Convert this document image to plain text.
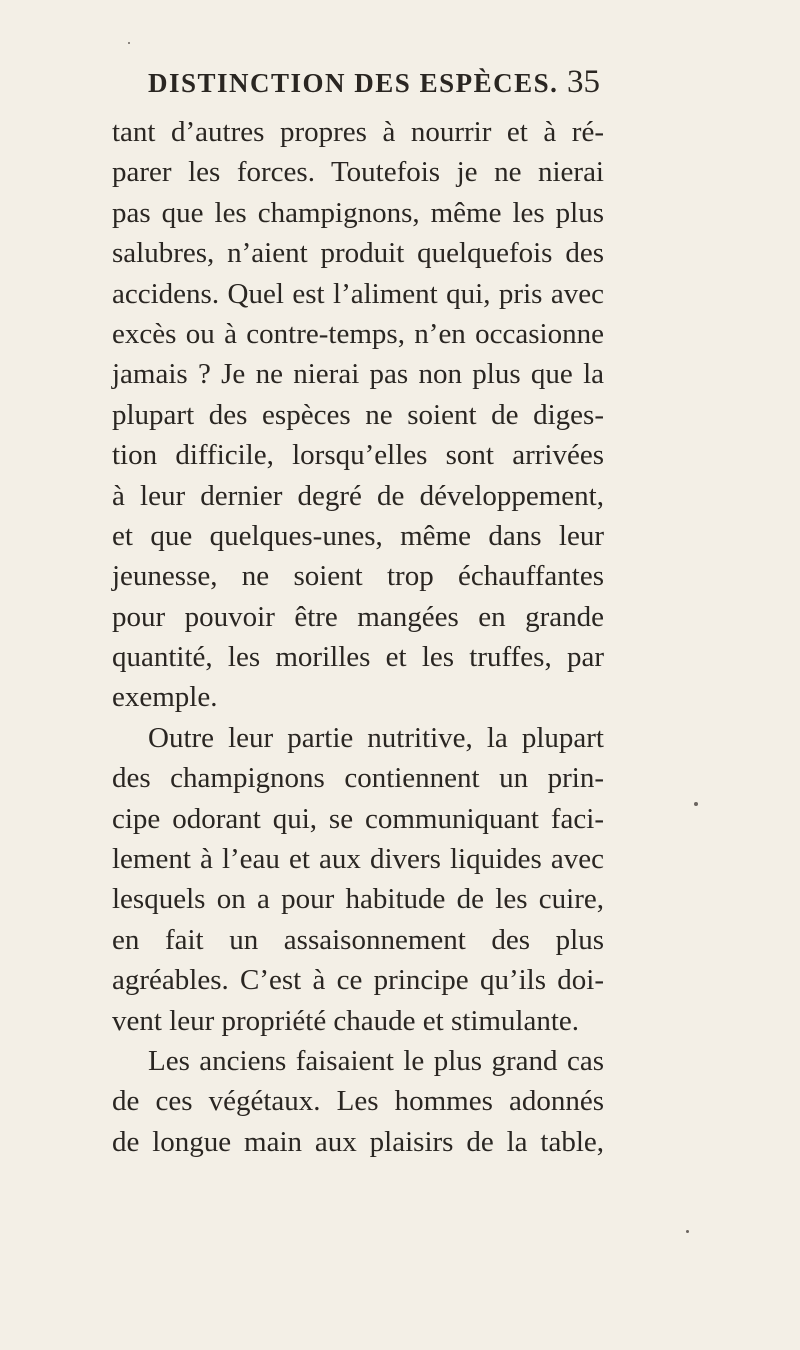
DISTINCTION DES ESPÈCES. 35
tant d’autres propres à nourrir et à ré-
parer les forces. Toutefois je ne nierai
pas que les champignons, même les plus
salubres, n’aient produit quelquefois des
accidens. Quel est l’aliment qui, pris avec
excès ou à contre-temps, n’en occasionne
jamais ? Je ne nierai pas non plus que la
plupart des espèces ne soient de diges-
tion difficile, lorsqu’elles sont arrivées
à leur dernier degré de développement,
et que quelques-unes, même dans leur
jeunesse, ne soient trop échauffantes
pour pouvoir être mangées en grande
quantité, les morilles et les truffes, par
exemple.
Outre leur partie nutritive, la plupart
des champignons contiennent un prin-
cipe odorant qui, se communiquant faci-
lement à l’eau et aux divers liquides avec
lesquels on a pour habitude de les cuire,
en fait un assaisonnement des plus
agréables. C’est à ce principe qu’ils doi-
vent leur propriété chaude et stimulante.
Les anciens faisaient le plus grand cas
de ces végétaux. Les hommes adonnés
de longue main aux plaisirs de la table,
